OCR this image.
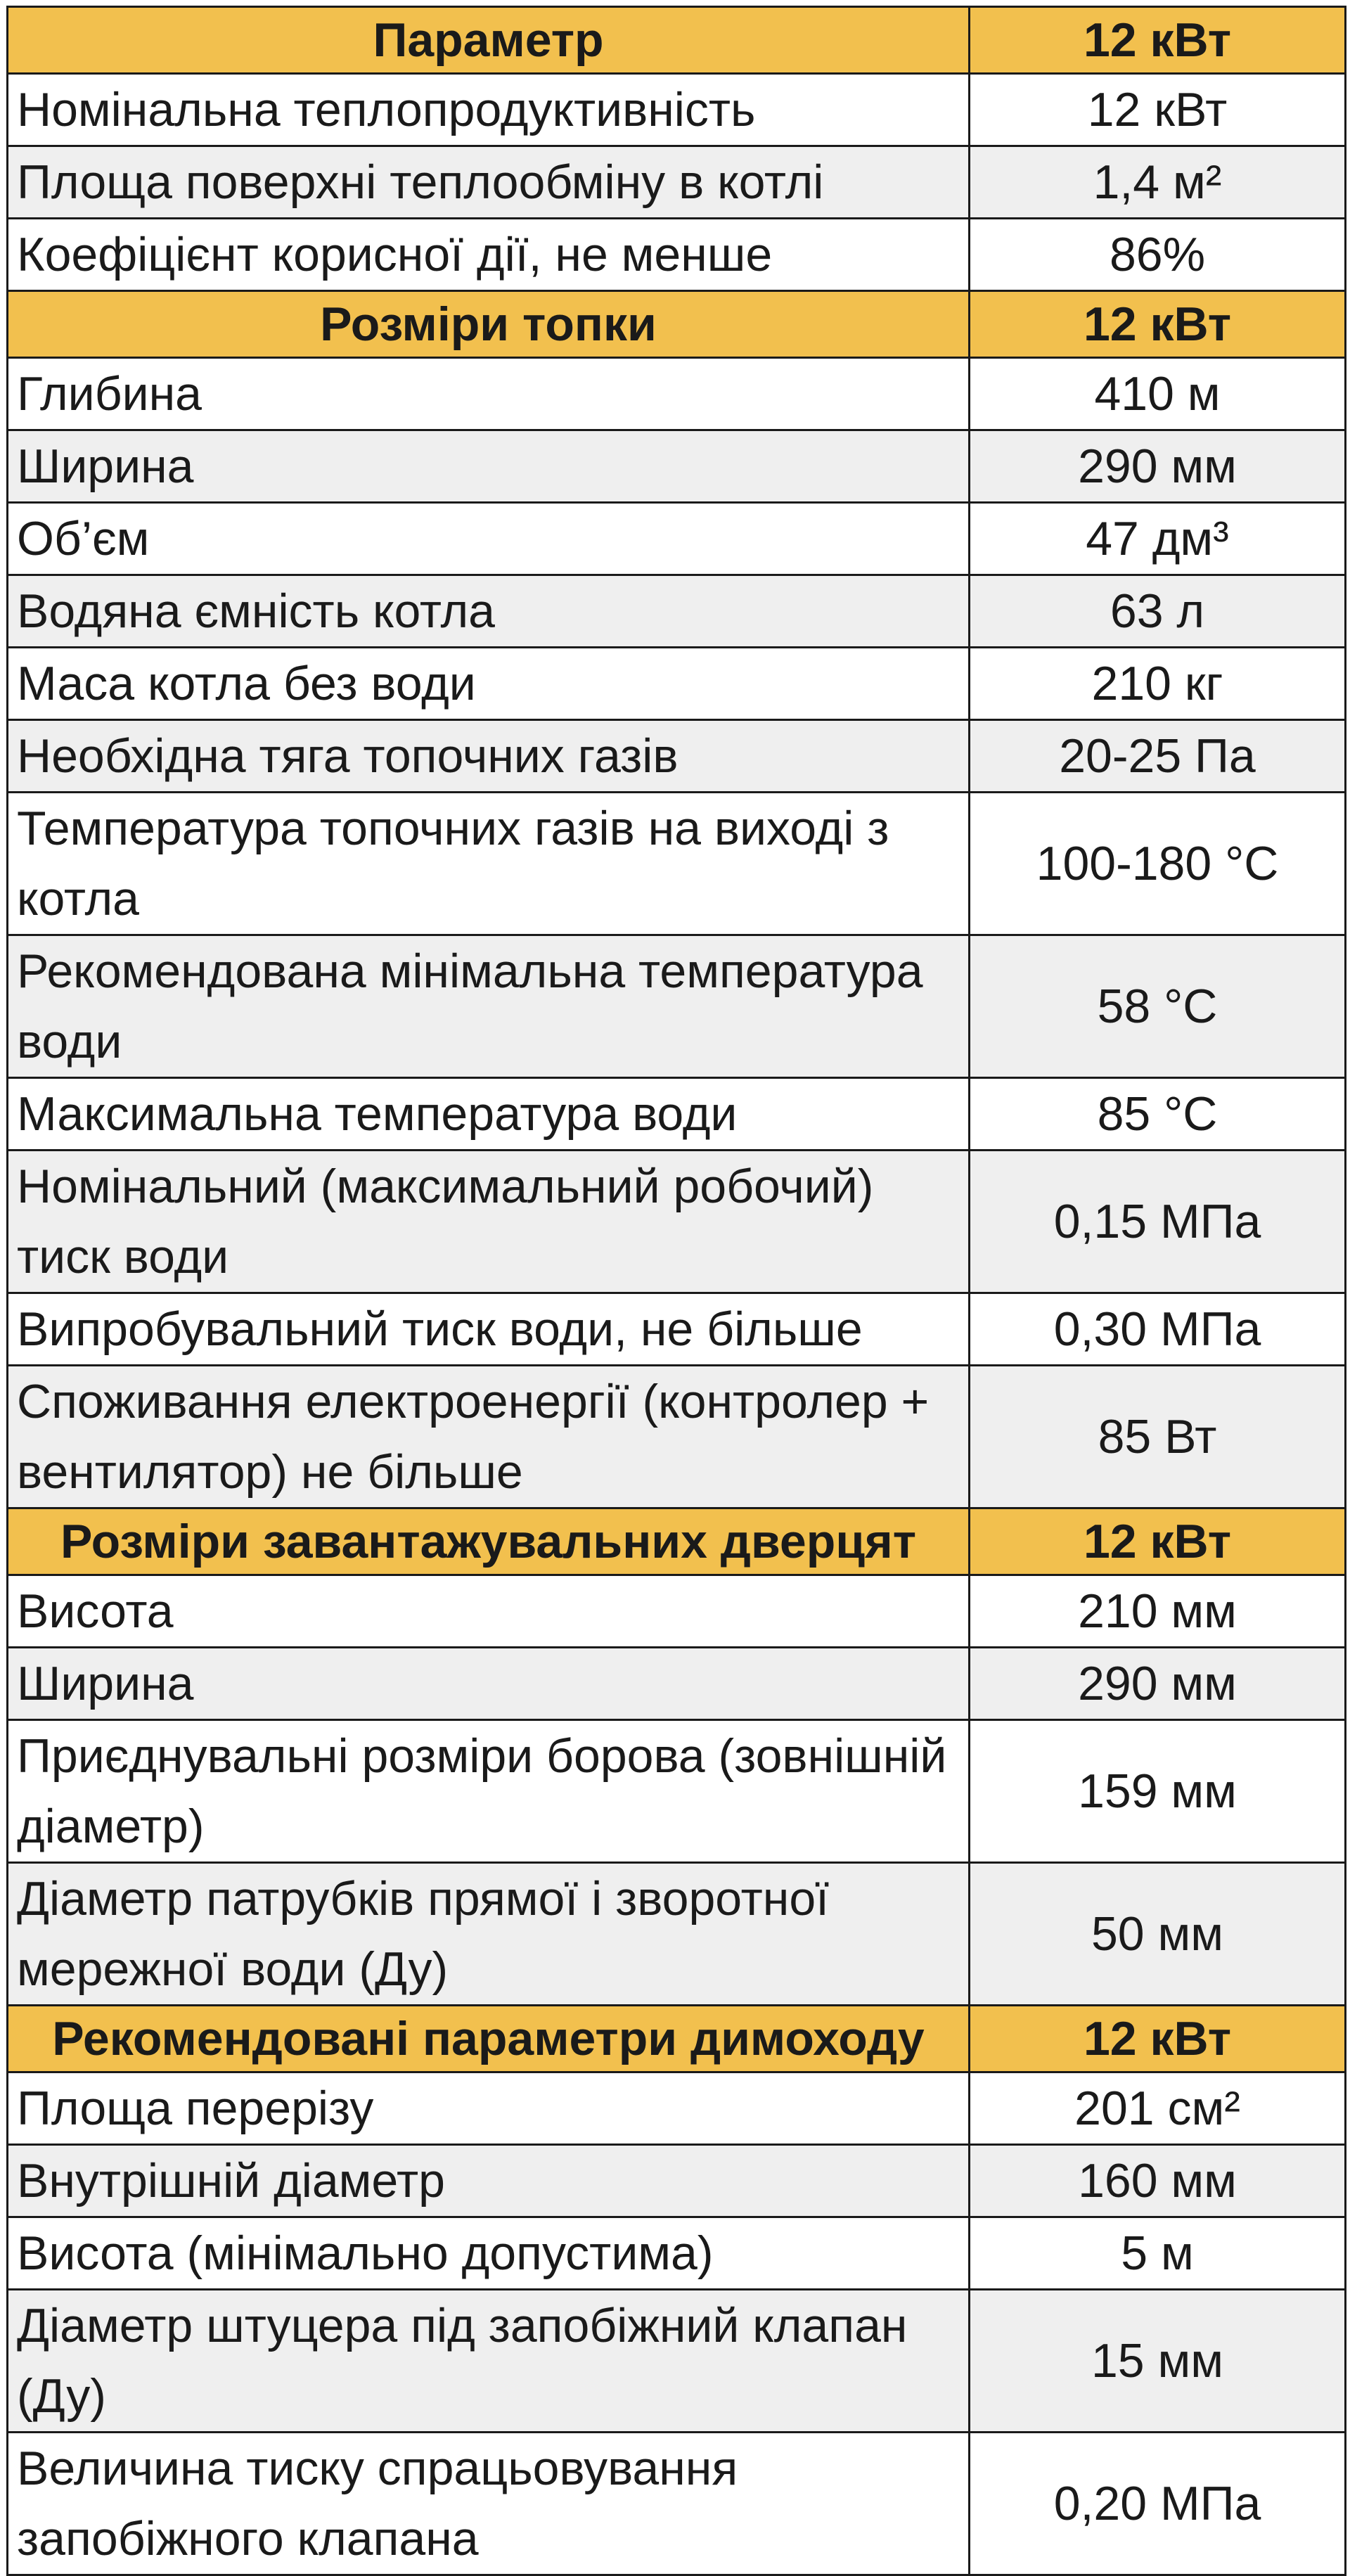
Параметр	12 кВт
Номінальна теплопродуктивність	12 кВт
Площа поверхні теплообміну в котлі	1,4 м²
Коефіцієнт корисної дії, не менше	86%
Розміри топки	12 кВт
Глибина	410 м
Ширина	290 мм
Об’єм	47 дм³
Водяна ємність котла	63 л
Маса котла без води	210 кг
Необхідна тяга топочних газів	20-25 Па
Температура топочних газів на виході з котла	100-180 °C
Рекомендована мінімальна температура води	58 °C
Максимальна температура води	85 °C
Номінальний (максимальний робочий) тиск води	0,15 МПа
Випробувальний тиск води, не більше	0,30 МПа
Споживання електроенергії (контролер + вентилятор) не більше	85 Вт
Розміри завантажувальних дверцят	12 кВт
Висота	210 мм
Ширина	290 мм
Приєднувальні розміри борова (зовнішній діаметр)	159 мм
Діаметр патрубків прямої і зворотної мережної води (Ду)	50 мм
Рекомендовані параметри димоходу	12 кВт
Площа перерізу	201 см²
Внутрішній діаметр	160 мм
Висота (мінімально допустима)	5 м
Діаметр штуцера під запобіжний клапан (Ду)	15 мм
Величина тиску спрацьовування запобіжного клапана	0,20 МПа
